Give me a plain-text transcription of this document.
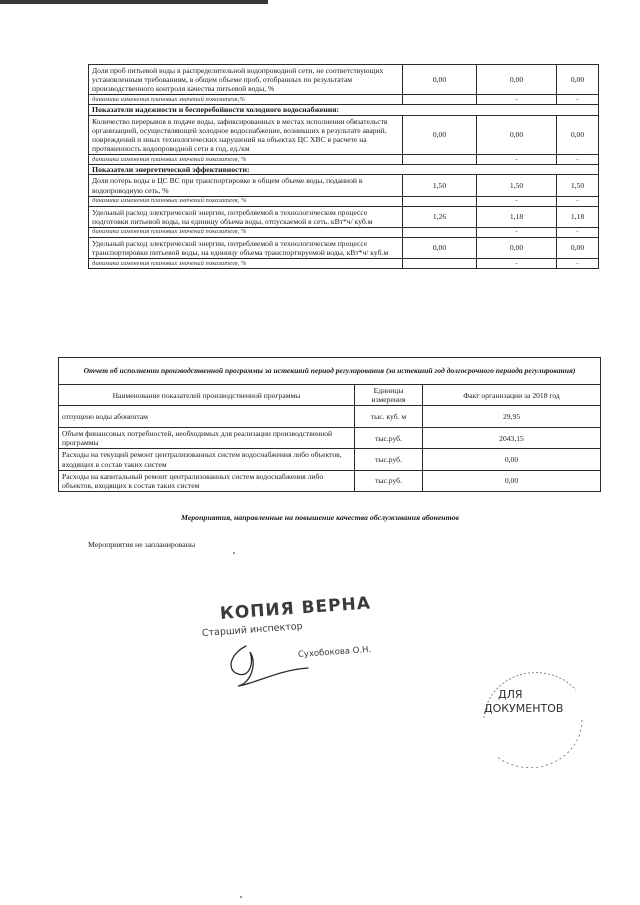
Доля проб питьевой воды в распределительной водопроводной сети, не соответствующих установленным требованиям, в общем объеме проб, отобранных по результатам производственного контроля качества питьевой воды, %	0,00	0,00	0,00
динамика изменения плановых значений показателя,%		-	-
Показатели надежности и бесперебойности холодного водоснабжения:			
Количество перерывов в подаче воды, зафиксированных в местах исполнения обязательств организацией, осуществляющей холодное водоснабжение, возникших в результате аварий, повреждений и иных технологических нарушений на объектах ЦС ХВС в расчете на протяженность водопроводной сети в год, ед./км	0,00	0,00	0,00
динамика изменения плановых значений показателя, %		-	-
Показатели энергетической эффективности:			
Доля потерь воды в ЦС ВС при транспортировке в общем объеме воды, поданной в водопроводную сеть, %	1,50	1,50	1,50
динамика изменения плановых значений показателя, %		-	-
Удельный расход электрической энергии, потребляемой в технологическом процессе подготовки питьевой воды, на единицу объема воды, отпускаемой в сеть, кВт*ч/ куб.м	1,26	1,18	1,18
динамика изменения плановых значений показателя, %		-	-
Удельный расход электрической энергии, потребляемой в технологическом процессе транспортировки питьевой воды, на единицу объема транспортируемой воды, кВт*ч/ куб.м	0,00	0,00	0,00
динамика изменения плановых значений показателя, %		-	-
Отчет об исполнении производственной программы за истекший период регулирования (за истекший год долгосрочного периода регулирования)		
Наименование показателей производственной программы	Единицы измерения	Факт организации за 2018 год
отпущено воды абонентам	тыс. куб. м	29,95
Объем финансовых потребностей, необходимых для реализации производственной программы	тыс.руб.	2043,15
Расходы на текущий ремонт централизованных систем водоснабжения либо объектов, входящих в состав таких систем	тыс.руб.	0,00
Расходы на капитальный ремонт централизованных систем водоснабжения либо объектов, входящих в состав таких систем	тыс.руб.	0,00
Мероприятия, направленные на повышение качества обслуживания абонентов
Мероприятия не запланированы
КОПИЯ ВЕРНА
Старший инспектор
Сухобокова О.Н.
ДЛЯ
ДОКУМЕНТОВ
